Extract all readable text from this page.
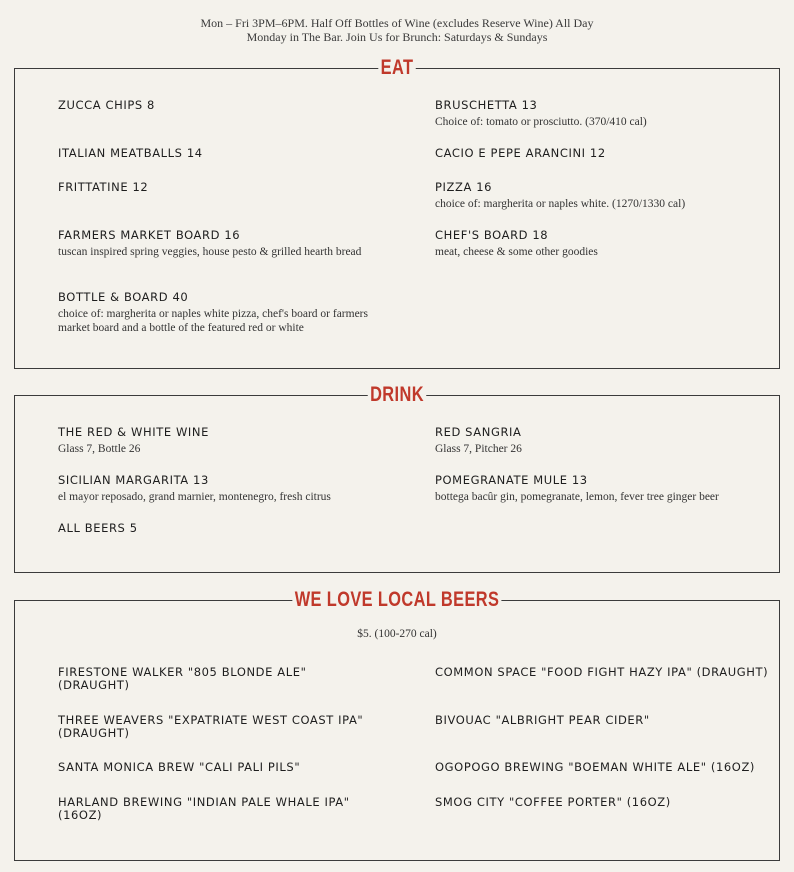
Mon – Fri 3PM–6PM. Half Off Bottles of Wine (excludes Reserve Wine) All Day
Monday in The Bar. Join Us for Brunch: Saturdays & Sundays
EAT
ZUCCA CHIPS 8	BRUSCHETTA 13
Choice of: tomato or prosciutto. (370/410 cal)
ITALIAN MEATBALLS 14	CACIO E PEPE ARANCINI 12
FRITTATINE 12	PIZZA 16
choice of: margherita or naples white. (1270/1330 cal)
FARMERS MARKET BOARD 16
tuscan inspired spring veggies, house pesto & grilled hearth bread
CHEF'S BOARD 18
meat, cheese & some other goodies
BOTTLE & BOARD 40
choice of: margherita or naples white pizza, chef's board or farmers market board and a bottle of the featured red or white
DRINK
THE RED & WHITE WINE
Glass 7, Bottle 26
RED SANGRIA
Glass 7, Pitcher 26
SICILIAN MARGARITA 13
el mayor reposado, grand marnier, montenegro, fresh citrus
POMEGRANATE MULE 13
bottega bacûr gin, pomegranate, lemon, fever tree ginger beer
ALL BEERS 5
WE LOVE LOCAL BEERS
$5. (100-270 cal)
FIRESTONE WALKER "805 BLONDE ALE" (DRAUGHT)
COMMON SPACE "FOOD FIGHT HAZY IPA" (DRAUGHT)
THREE WEAVERS "EXPATRIATE WEST COAST IPA" (DRAUGHT)
BIVOUAC "ALBRIGHT PEAR CIDER"
SANTA MONICA BREW "CALI PALI PILS"	OGOPOGO BREWING "BOEMAN WHITE ALE" (16OZ)
HARLAND BREWING "INDIAN PALE WHALE IPA" (16OZ)
SMOG CITY "COFFEE PORTER" (16OZ)
